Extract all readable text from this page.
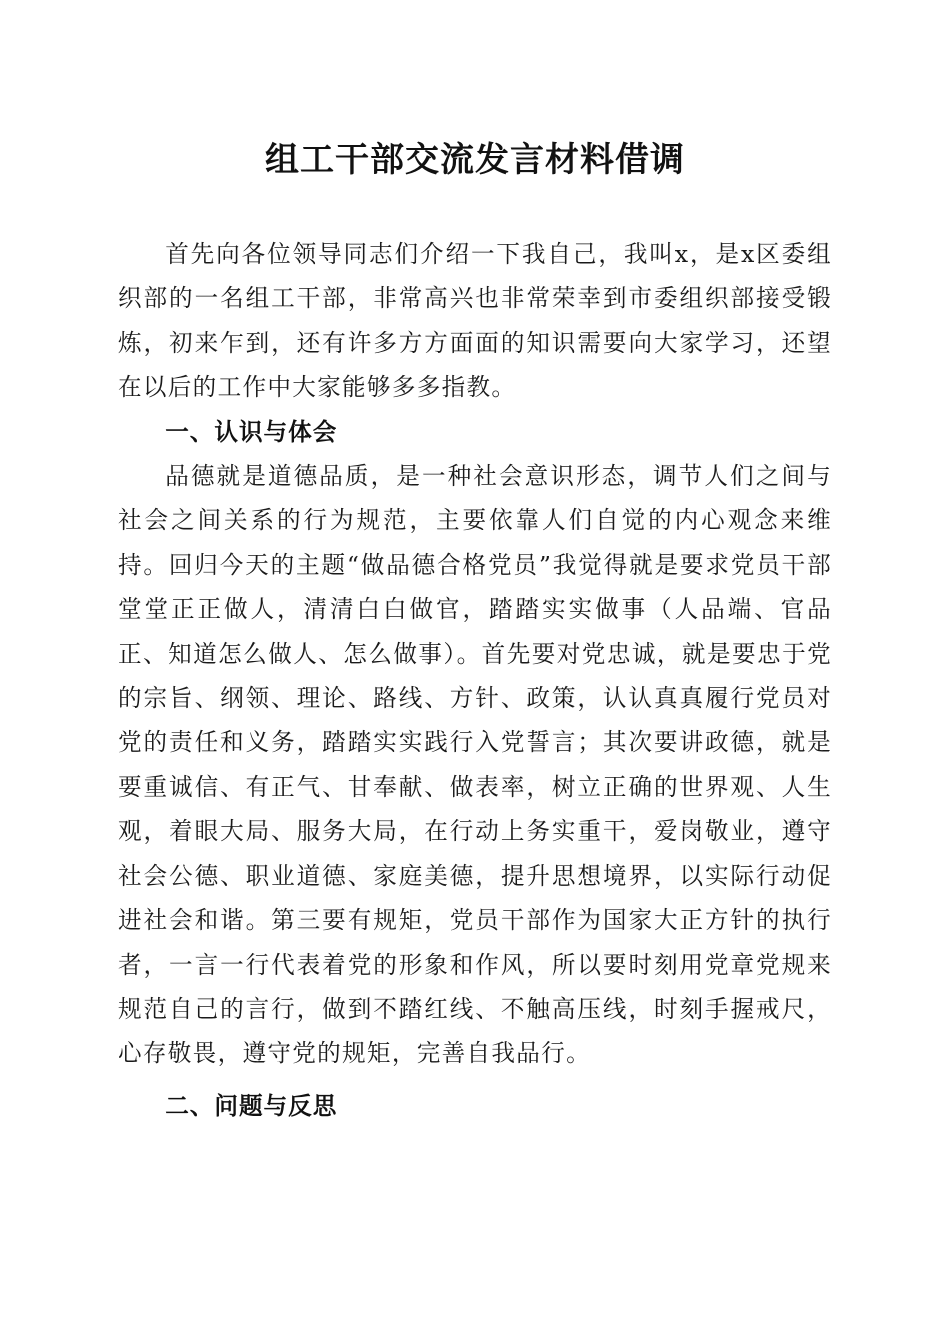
组工干部交流发言材料借调

首先向各位领导同志们介绍一下我自己，我叫x，是x区委组织部的一名组工干部，非常高兴也非常荣幸到市委组织部接受锻炼，初来乍到，还有许多方方面面的知识需要向大家学习，还望在以后的工作中大家能够多多指教。

一、认识与体会

品德就是道德品质，是一种社会意识形态，调节人们之间与社会之间关系的行为规范，主要依靠人们自觉的内心观念来维持。回归今天的主题“做品德合格党员”我觉得就是要求党员干部堂堂正正做人，清清白白做官，踏踏实实做事（人品端、官品正、知道怎么做人、怎么做事）。首先要对党忠诚，就是要忠于党的宗旨、纲领、理论、路线、方针、政策，认认真真履行党员对党的责任和义务，踏踏实实践行入党誓言；其次要讲政德，就是要重诚信、有正气、甘奉献、做表率，树立正确的世界观、人生观，着眼大局、服务大局，在行动上务实重干，爱岗敬业，遵守社会公德、职业道德、家庭美德，提升思想境界，以实际行动促进社会和谐。第三要有规矩，党员干部作为国家大正方针的执行者，一言一行代表着党的形象和作风，所以要时刻用党章党规来规范自己的言行，做到不踏红线、不触高压线，时刻手握戒尺，心存敬畏，遵守党的规矩，完善自我品行。

二、问题与反思
